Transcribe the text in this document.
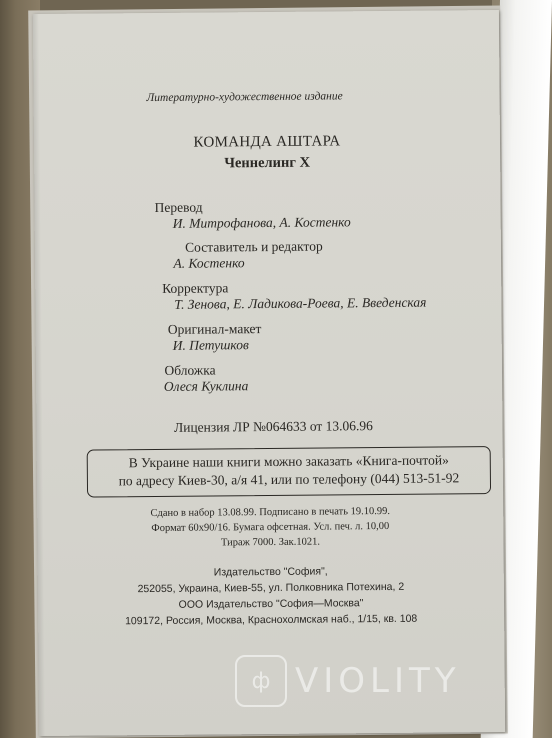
Литературно-художественное издание
КОМАНДА АШТАРА
Ченнелинг Х
Перевод
И. Митрофанова, А. Костенко
Составитель и редактор
А. Костенко
Корректура
Т. Зенова, Е. Ладикова-Роева, Е. Введенская
Оригинал-макет
И. Петушков
Обложка
Олеся Куклина
Лицензия ЛР №064633 от 13.06.96
В Украине наши книги можно заказать «Книга-почтой»
по адресу Киев-30, а/я 41, или по телефону (044) 513-51-92
Сдано в набор 13.08.99. Подписано в печать 19.10.99.
Формат 60х90/16. Бумага офсетная. Усл. печ. л. 10,00
Тираж 7000. Зак.1021.
Издательство "София",
252055, Украина, Киев-55, ул. Полковника Потехина, 2
ООО Издательство "София—Москва"
109172, Россия, Москва, Краснохолмская наб., 1/15, кв. 108
ф VIOLITY
